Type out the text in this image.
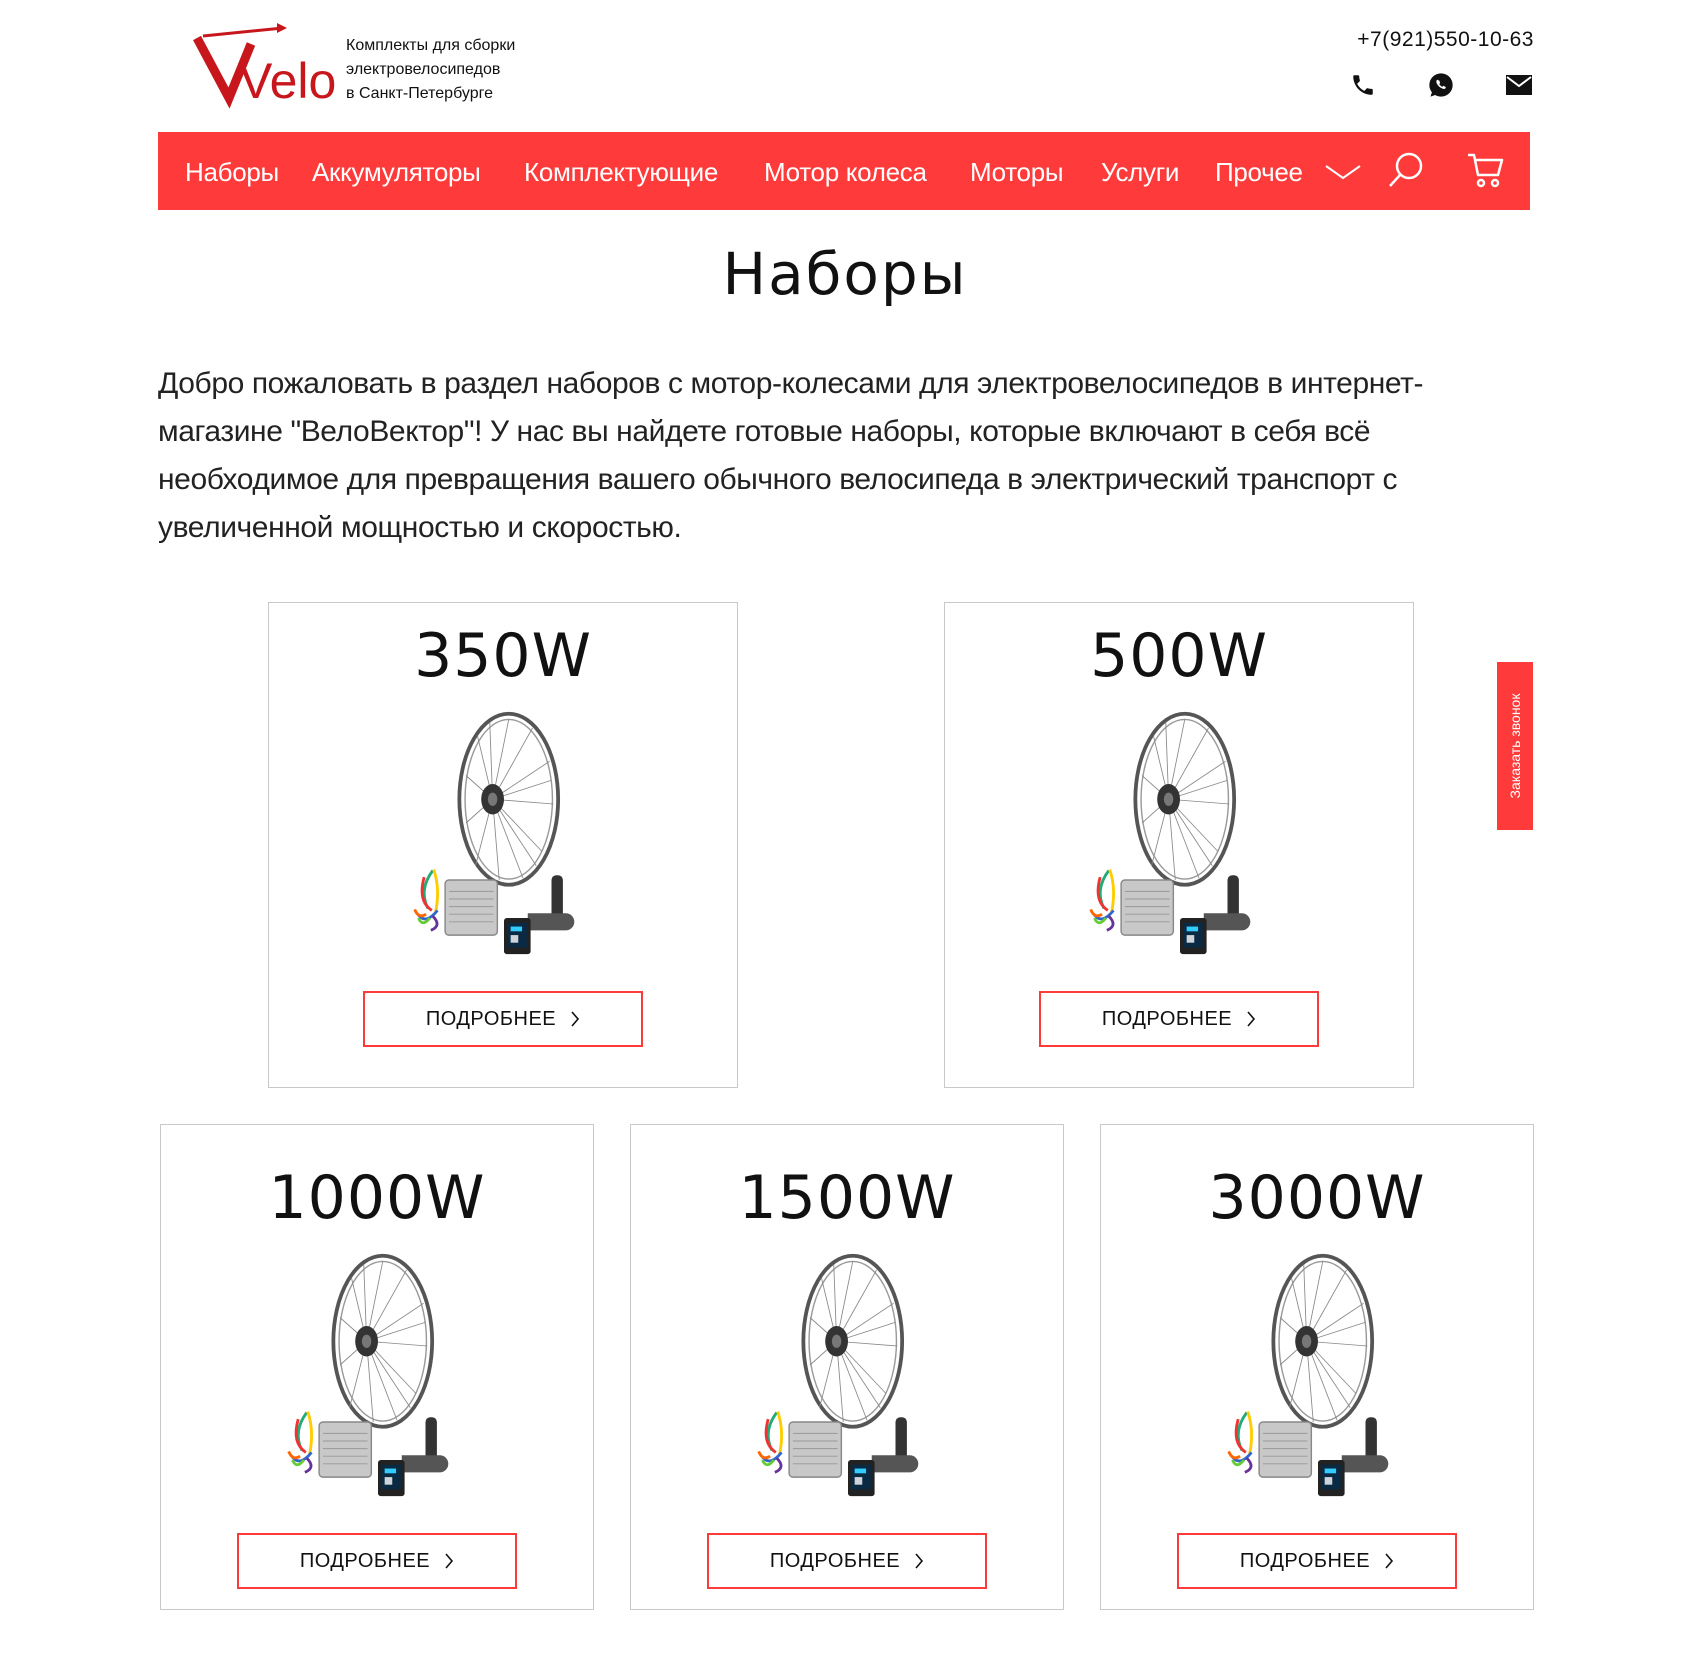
Velo
Комплекты для сборки
электровелосипедов
в Санкт-Петербурге
+7(921)550-10-63
Наборы Аккумуляторы Комплектующие Мотор колеса Моторы Услуги Прочее
Наборы
Добро пожаловать в раздел наборов с мотор-колесами для электровелосипедов в интернет-магазине "ВелоВектор"! У нас вы найдете готовые наборы, которые включают в себя всё необходимое для превращения вашего обычного велосипеда в электрический транспорт с увеличенной мощностью и скоростью.
350W
ПОДРОБНЕЕ
500W
ПОДРОБНЕЕ
1000W
ПОДРОБНЕЕ
1500W
ПОДРОБНЕЕ
3000W
ПОДРОБНЕЕ
Заказать звонок
